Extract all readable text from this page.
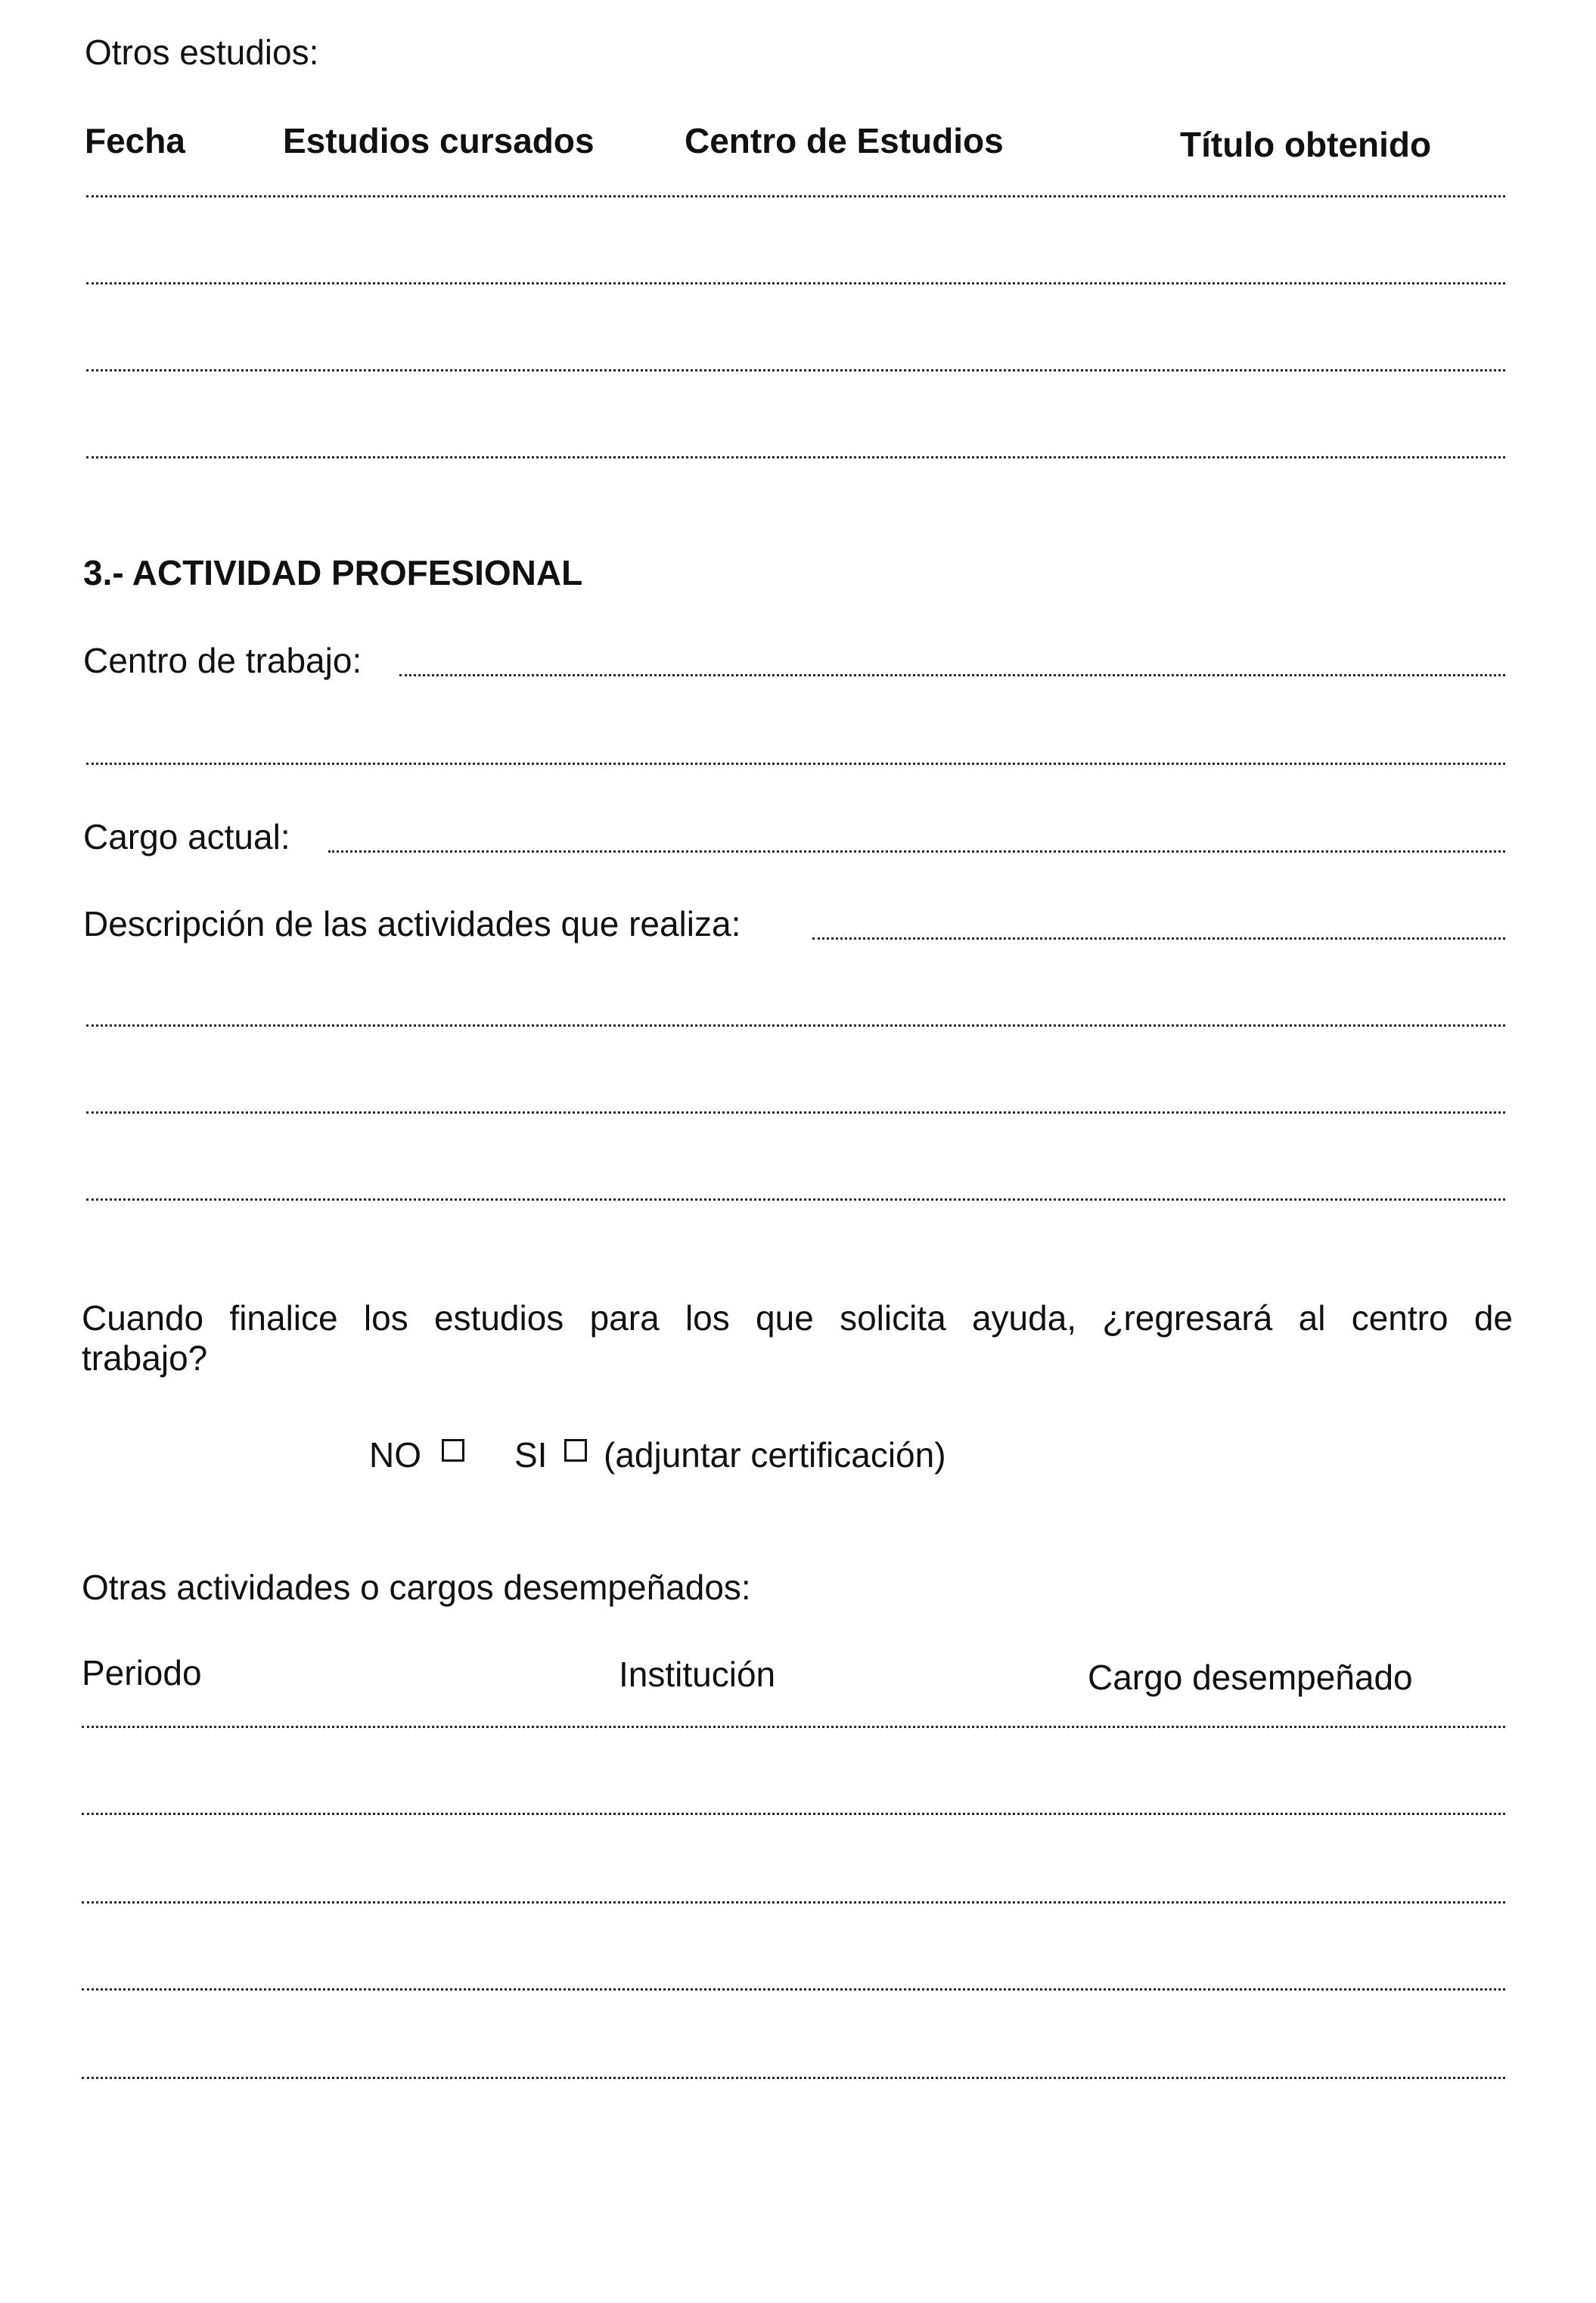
Otros estudios:
Fecha	Estudios cursados	Centro de Estudios	Título obtenido
3.- ACTIVIDAD PROFESIONAL
Centro de trabajo:
Cargo actual:
Descripción de las actividades que realiza:
Cuando finalice los estudios para los que solicita ayuda, ¿regresará al centro de
trabajo?
NO	SI (adjuntar certificación)
Otras actividades o cargos desempeñados:
Periodo	Institución	Cargo desempeñado
